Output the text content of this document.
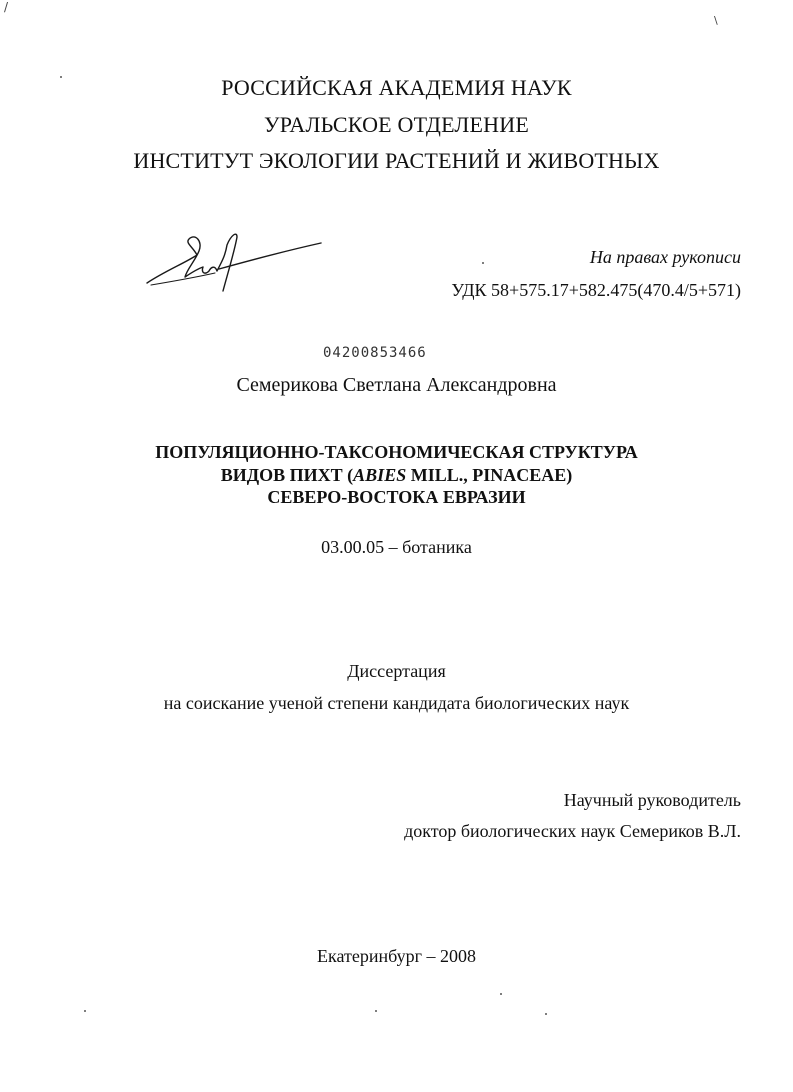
/
\
РОССИЙСКАЯ АКАДЕМИЯ НАУК
УРАЛЬСКОЕ ОТДЕЛЕНИЕ
ИНСТИТУТ ЭКОЛОГИИ РАСТЕНИЙ И ЖИВОТНЫХ
На правах рукописи
УДК 58+575.17+582.475(470.4/5+571)
04200853466
Семерикова Светлана Александровна
ПОПУЛЯЦИОННО-ТАКСОНОМИЧЕСКАЯ СТРУКТУРА
ВИДОВ ПИХТ (ABIES MILL., PINACEAE)
СЕВЕРО-ВОСТОКА ЕВРАЗИИ
03.00.05 – ботаника
Диссертация
на соискание ученой степени кандидата биологических наук
Научный руководитель
доктор биологических наук Семериков В.Л.
Екатеринбург – 2008
